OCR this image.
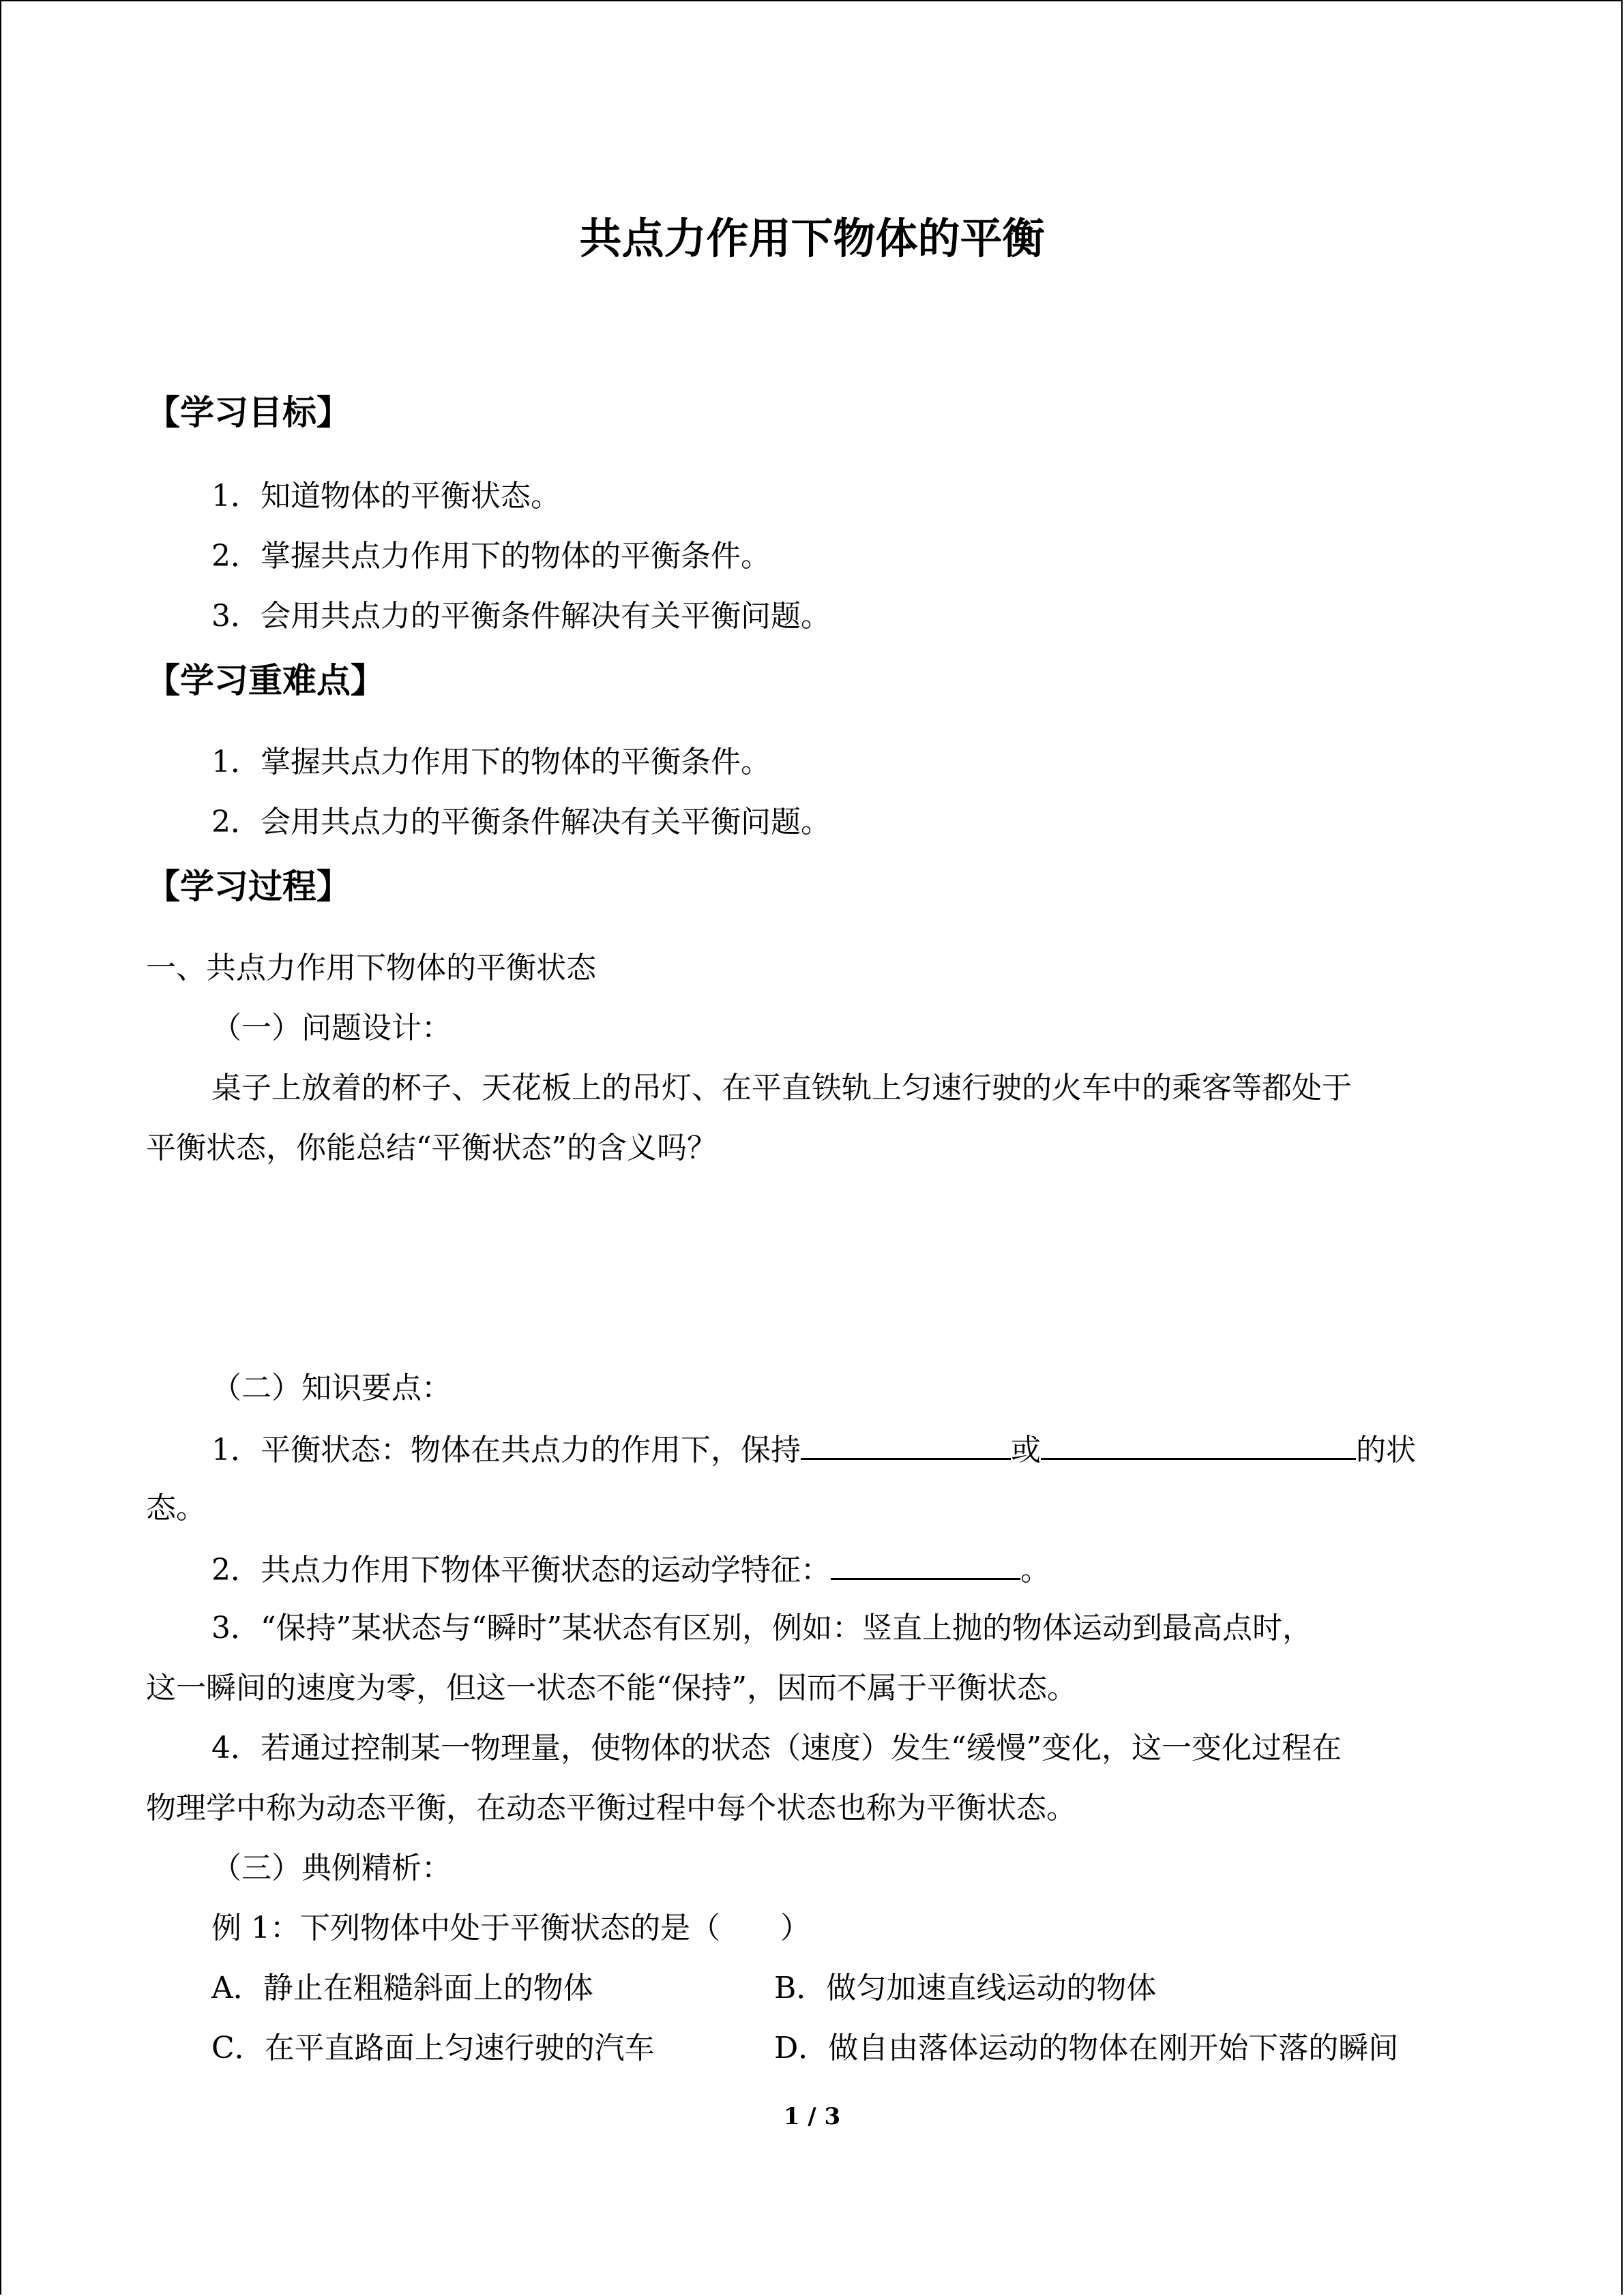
共点力作用下物体的平衡
【学习目标】
1．知道物体的平衡状态。
2．掌握共点力作用下的物体的平衡条件。
3．会用共点力的平衡条件解决有关平衡问题。
【学习重难点】
1．掌握共点力作用下的物体的平衡条件。
2．会用共点力的平衡条件解决有关平衡问题。
【学习过程】
一、共点力作用下物体的平衡状态
（一）问题设计：
桌子上放着的杯子、天花板上的吊灯、在平直铁轨上匀速行驶的火车中的乘客等都处于
平衡状态，你能总结“平衡状态”的含义吗？
（二）知识要点：
1．平衡状态：物体在共点力的作用下，保持	或	的状
态。
2．共点力作用下物体平衡状态的运动学特征：	。
3．“保持”某状态与“瞬时”某状态有区别，例如：竖直上抛的物体运动到最高点时，
这一瞬间的速度为零，但这一状态不能“保持”，因而不属于平衡状态。
4．若通过控制某一物理量，使物体的状态（速度）发生“缓慢”变化，这一变化过程在
物理学中称为动态平衡，在动态平衡过程中每个状态也称为平衡状态。
（三）典例精析：
例 1：下列物体中处于平衡状态的是（　　）
A．静止在粗糙斜面上的物体	B．做匀加速直线运动的物体
C．在平直路面上匀速行驶的汽车	D．做自由落体运动的物体在刚开始下落的瞬间
1 / 3
